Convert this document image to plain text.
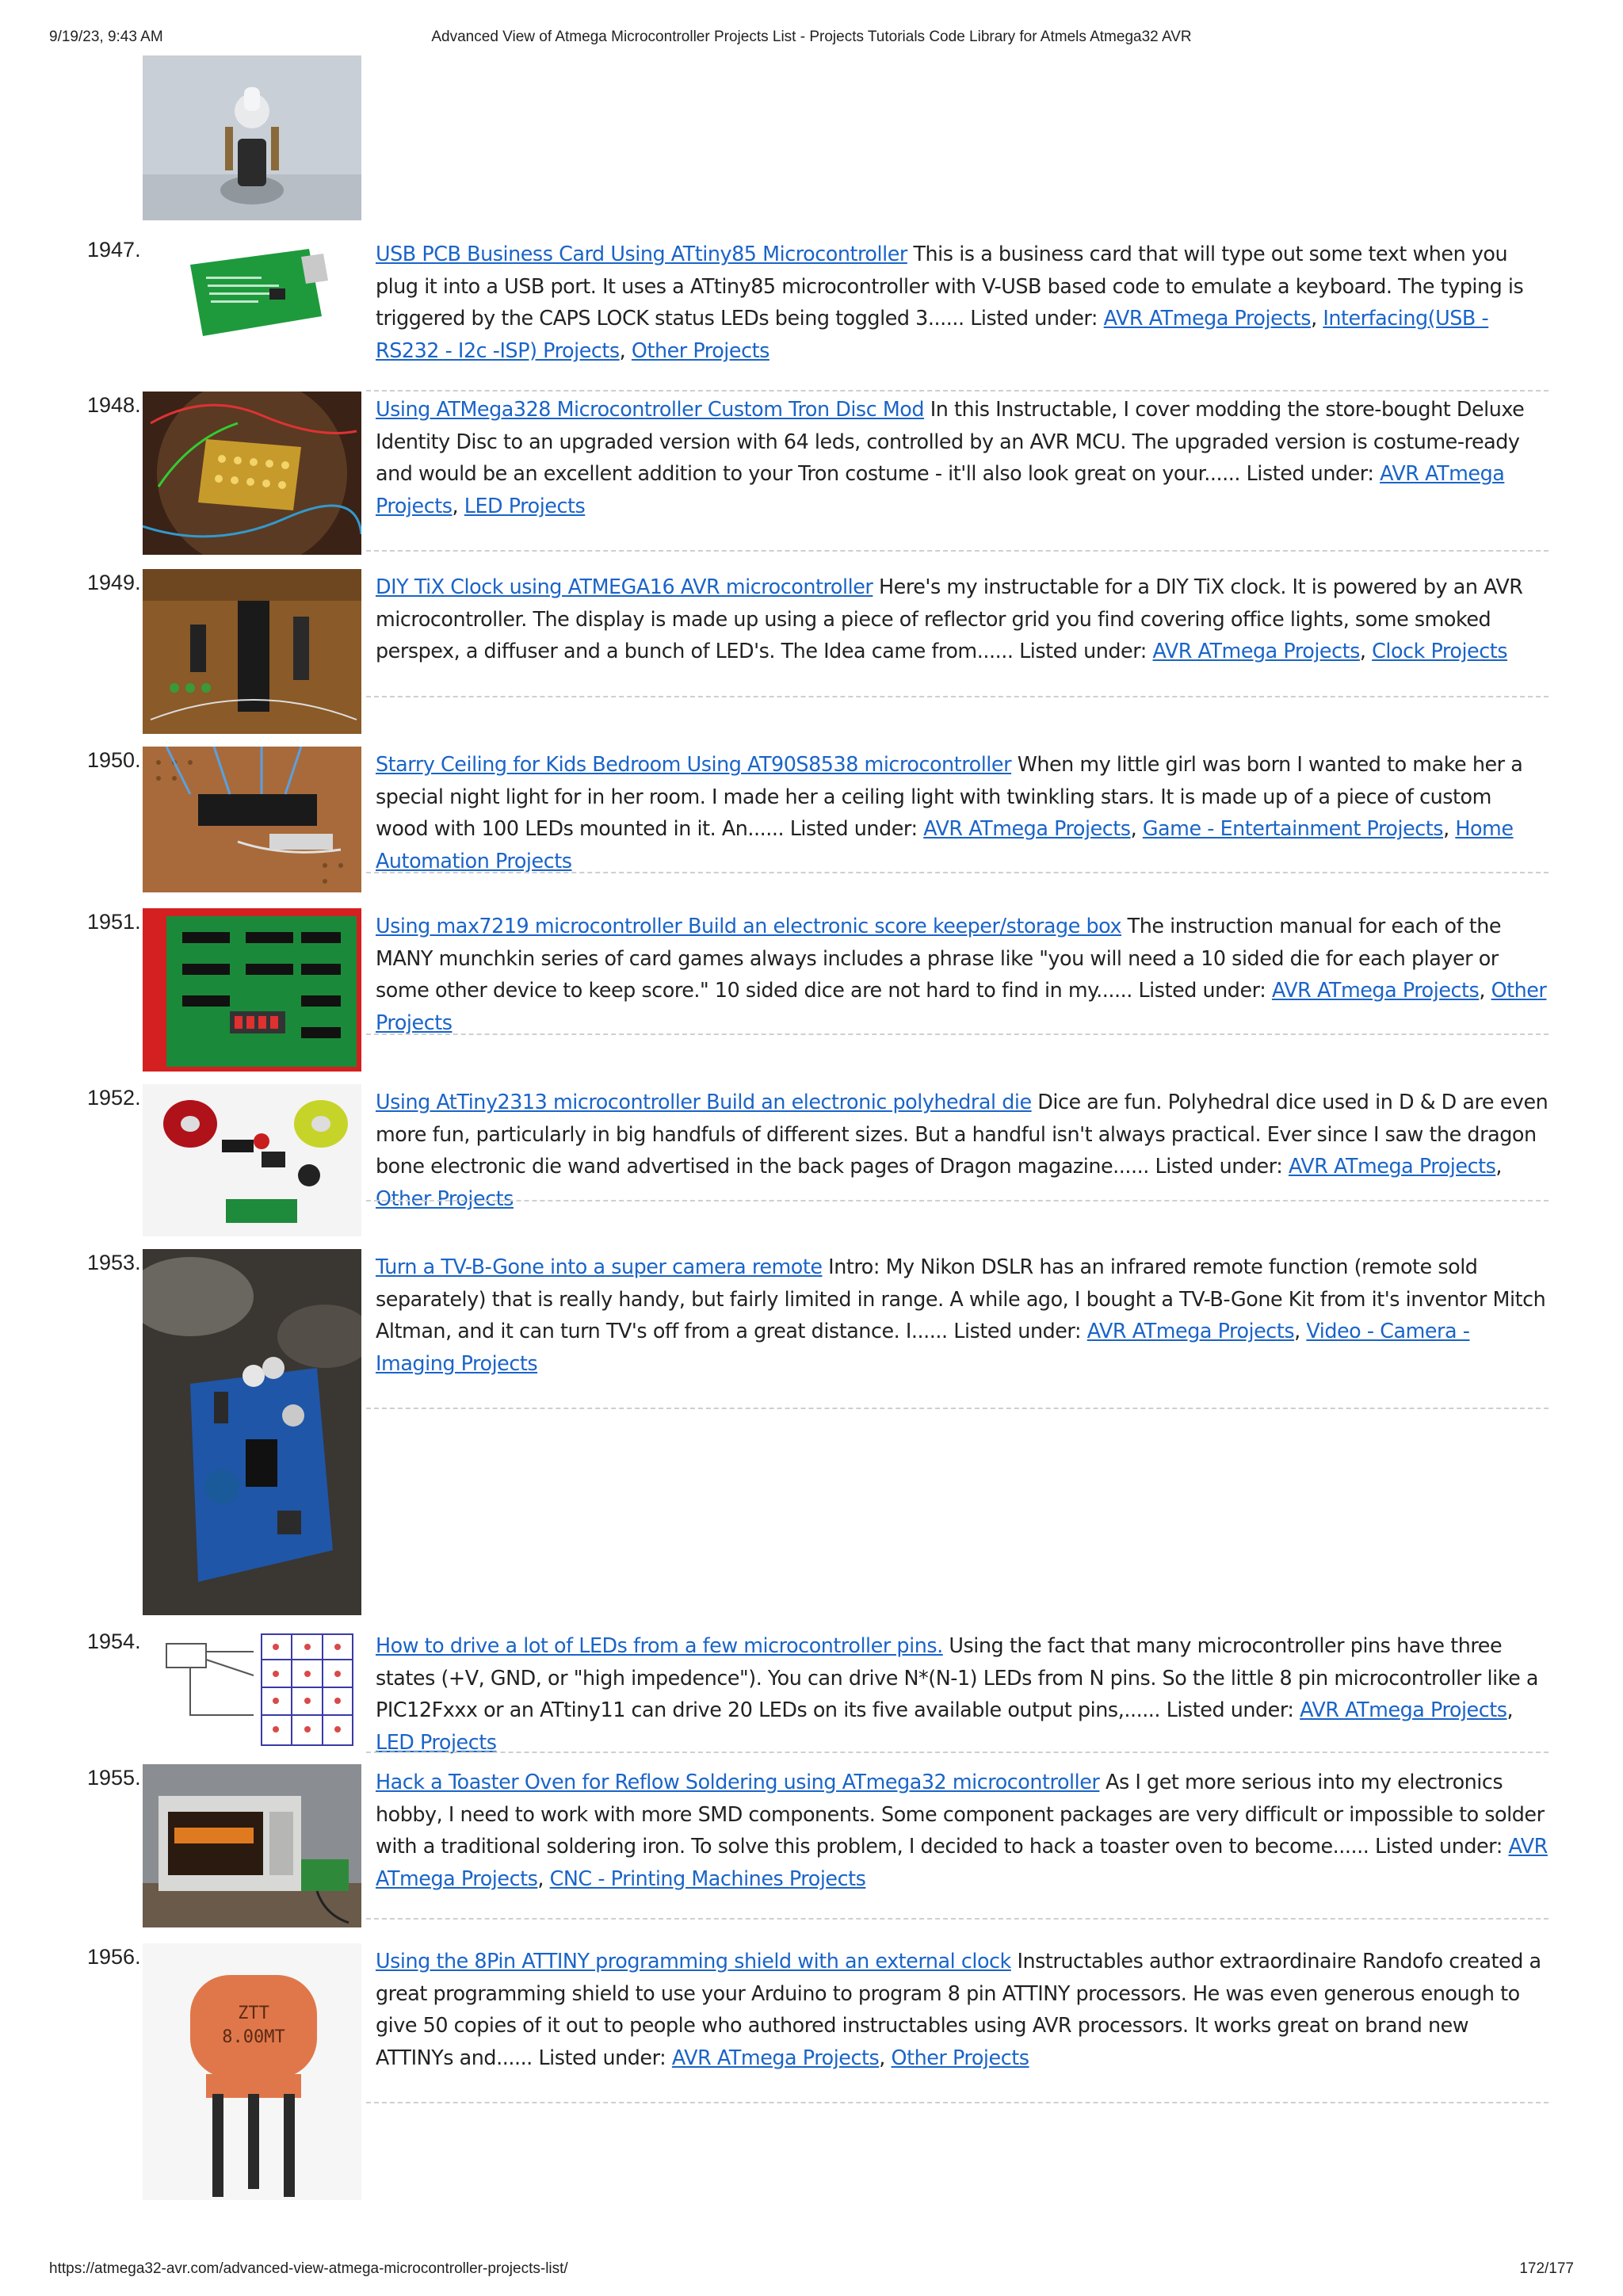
9/19/23, 9:43 AM	Advanced View of Atmega Microcontroller Projects List - Projects Tutorials Code Library for Atmels Atmega32 AVR
1947.	USB PCB Business Card Using ATtiny85 Microcontroller This is a business card that will type out some text when you plug it into a USB port. It uses a ATtiny85 microcontroller with V-USB based code to emulate a keyboard. The typing is triggered by the CAPS LOCK status LEDs being toggled 3...... Listed under: AVR ATmega Projects, Interfacing(USB - RS232 - I2c -ISP) Projects, Other Projects
1948.	Using ATMega328 Microcontroller Custom Tron Disc Mod In this Instructable, I cover modding the store-bought Deluxe Identity Disc to an upgraded version with 64 leds, controlled by an AVR MCU. The upgraded version is costume-ready and would be an excellent addition to your Tron costume - it'll also look great on your...... Listed under: AVR ATmega Projects, LED Projects
1949.	DIY TiX Clock using ATMEGA16 AVR microcontroller Here's my instructable for a DIY TiX clock. It is powered by an AVR microcontroller. The display is made up using a piece of reflector grid you find covering office lights, some smoked perspex, a diffuser and a bunch of LED's. The Idea came from...... Listed under: AVR ATmega Projects, Clock Projects
1950.	Starry Ceiling for Kids Bedroom Using AT90S8538 microcontroller When my little girl was born I wanted to make her a special night light for in her room. I made her a ceiling light with twinkling stars. It is made up of a piece of custom wood with 100 LEDs mounted in it. An...... Listed under: AVR ATmega Projects, Game - Entertainment Projects, Home Automation Projects
1951.	Using max7219 microcontroller Build an electronic score keeper/storage box The instruction manual for each of the MANY munchkin series of card games always includes a phrase like "you will need a 10 sided die for each player or some other device to keep score." 10 sided dice are not hard to find in my...... Listed under: AVR ATmega Projects, Other Projects
1952.	Using AtTiny2313 microcontroller Build an electronic polyhedral die Dice are fun. Polyhedral dice used in D & D are even more fun, particularly in big handfuls of different sizes. But a handful isn't always practical. Ever since I saw the dragon bone electronic die wand advertised in the back pages of Dragon magazine...... Listed under: AVR ATmega Projects, Other Projects
1953.	Turn a TV-B-Gone into a super camera remote Intro: My Nikon DSLR has an infrared remote function (remote sold separately) that is really handy, but fairly limited in range. A while ago, I bought a TV-B-Gone Kit from it's inventor Mitch Altman, and it can turn TV's off from a great distance. I...... Listed under: AVR ATmega Projects, Video - Camera - Imaging Projects
1954.	How to drive a lot of LEDs from a few microcontroller pins. Using the fact that many microcontroller pins have three states (+V, GND, or "high impedence"). You can drive N*(N-1) LEDs from N pins. So the little 8 pin microcontroller like a PIC12Fxxx or an ATtiny11 can drive 20 LEDs on its five available output pins,...... Listed under: AVR ATmega Projects, LED Projects
1955.	Hack a Toaster Oven for Reflow Soldering using ATmega32 microcontroller As I get more serious into my electronics hobby, I need to work with more SMD components. Some component packages are very difficult or impossible to solder with a traditional soldering iron. To solve this problem, I decided to hack a toaster oven to become...... Listed under: AVR ATmega Projects, CNC - Printing Machines Projects
1956.	Using the 8Pin ATTINY programming shield with an external clock Instructables author extraordinaire Randofo created a great programming shield to use your Arduino to program 8 pin ATTINY processors. He was even generous enough to give 50 copies of it out to people who authored instructables using AVR processors. It works great on brand new ATTINYs and...... Listed under: AVR ATmega Projects, Other Projects
ZTT
8.00MT
https://atmega32-avr.com/advanced-view-atmega-microcontroller-projects-list/	172/177
